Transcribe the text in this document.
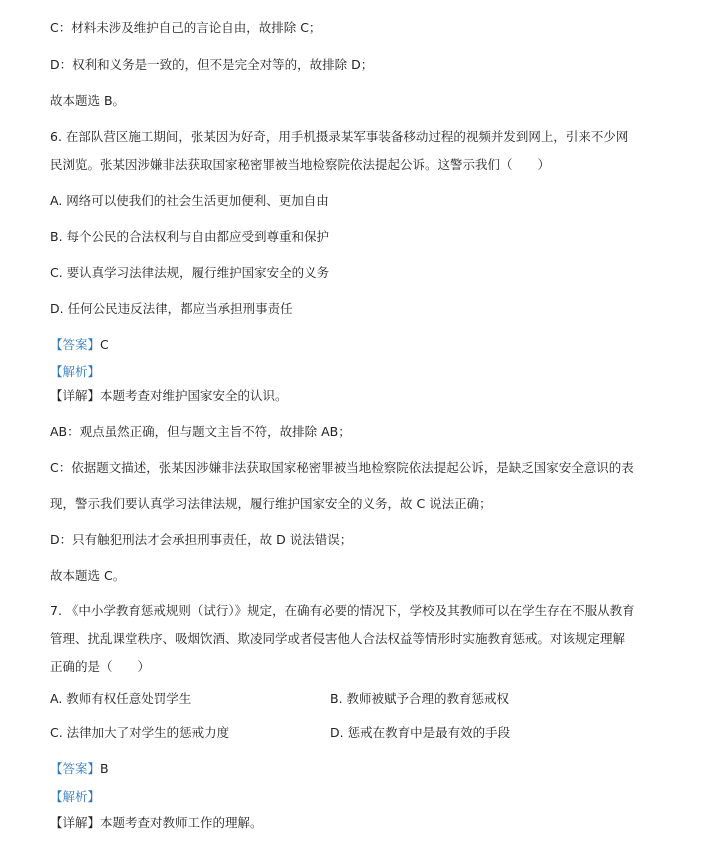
C：材料未涉及维护自己的言论自由，故排除 C；
D：权利和义务是一致的，但不是完全对等的，故排除 D；
故本题选 B。
6. 在部队营区施工期间，张某因为好奇，用手机摄录某军事装备移动过程的视频并发到网上，引来不少网
民浏览。张某因涉嫌非法获取国家秘密罪被当地检察院依法提起公诉。这警示我们（　　）
A. 网络可以使我们的社会生活更加便利、更加自由
B. 每个公民的合法权利与自由都应受到尊重和保护
C. 要认真学习法律法规，履行维护国家安全的义务
D. 任何公民违反法律，都应当承担刑事责任
【答案】C
【解析】
【详解】本题考查对维护国家安全的认识。
AB：观点虽然正确，但与题文主旨不符，故排除 AB；
C：依据题文描述，张某因涉嫌非法获取国家秘密罪被当地检察院依法提起公诉，是缺乏国家安全意识的表
现，警示我们要认真学习法律法规，履行维护国家安全的义务，故 C 说法正确；
D：只有触犯刑法才会承担刑事责任，故 D 说法错误；
故本题选 C。
7. 《中小学教育惩戒规则（试行）》规定，在确有必要的情况下，学校及其教师可以在学生存在不服从教育
管理、扰乱课堂秩序、吸烟饮酒、欺凌同学或者侵害他人合法权益等情形时实施教育惩戒。对该规定理解
正确的是（　　）
A. 教师有权任意处罚学生	B. 教师被赋予合理的教育惩戒权
C. 法律加大了对学生的惩戒力度	D. 惩戒在教育中是最有效的手段
【答案】B
【解析】
【详解】本题考查对教师工作的理解。
